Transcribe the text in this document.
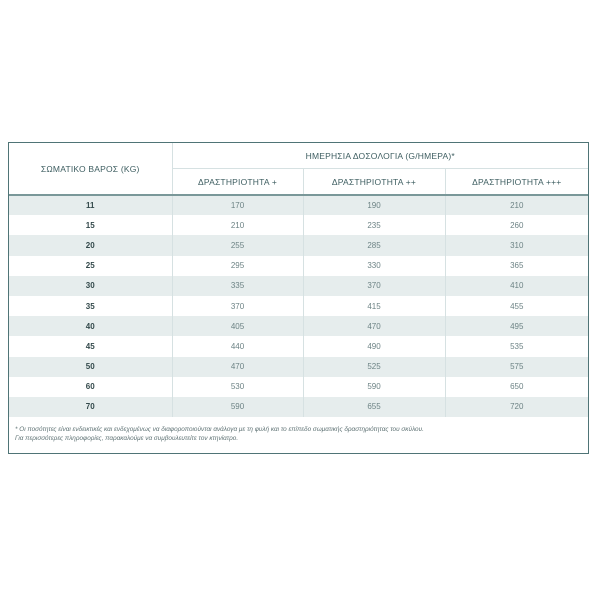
ΣΩΜΑΤΙΚΟ ΒΑΡΟΣ (KG)	ΗΜΕΡΗΣΙΑ ΔΟΣΟΛΟΓΙΑ (G/ΗΜΕΡΑ)*		
	ΔΡΑΣΤΗΡΙΟΤΗΤΑ +	ΔΡΑΣΤΗΡΙΟΤΗΤΑ ++	ΔΡΑΣΤΗΡΙΟΤΗΤΑ +++
11	170	190	210
15	210	235	260
20	255	285	310
25	295	330	365
30	335	370	410
35	370	415	455
40	405	470	495
45	440	490	535
50	470	525	575
60	530	590	650
70	590	655	720
* Οι ποσότητες είναι ενδεικτικές και ενδεχομένως να διαφοροποιούνται ανάλογα με τη φυλή και το επίπεδο σωματικής δραστηριότητας του σκύλου.
Για περισσότερες πληροφορίες, παρακαλούμε να συμβουλευτείτε τον κτηνίατρο.
